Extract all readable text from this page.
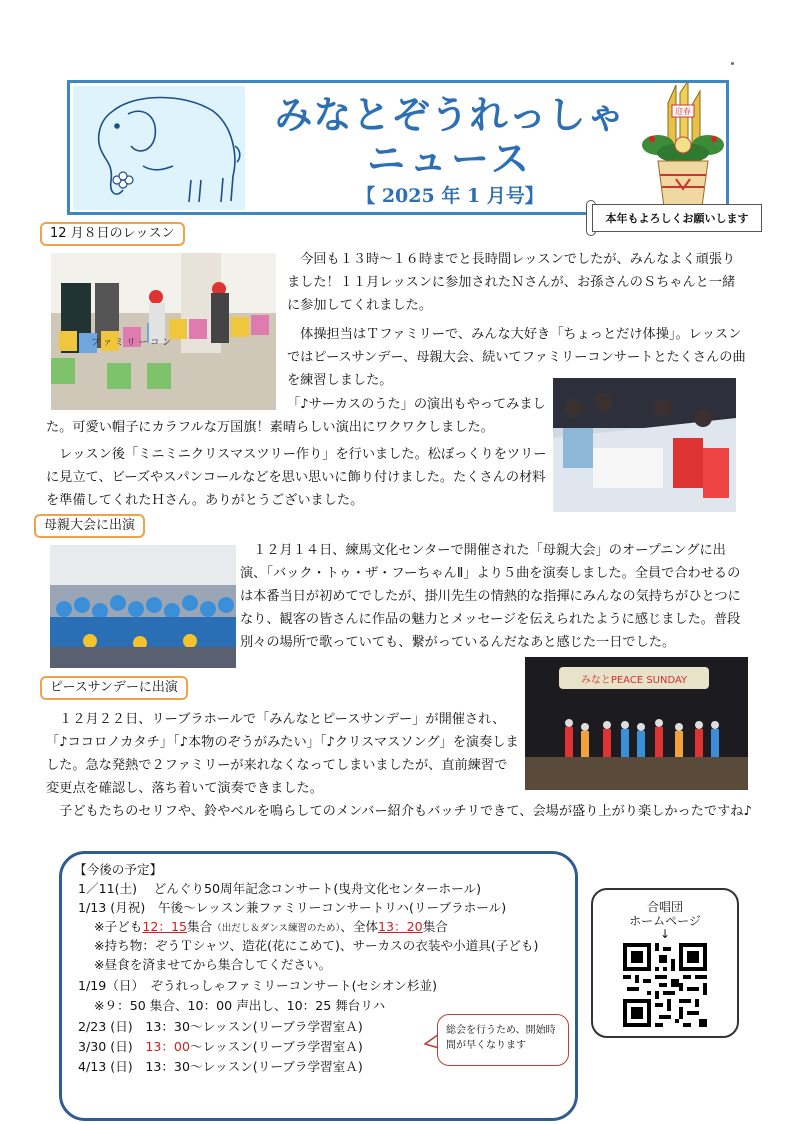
みなとぞうれっしゃ
ニュース
【 2025 年 1 月号】
迎春
本年もよろしくお願いします
12 月８日のレッスン
フ ァ ミ リ ー コ ン
　今回も１３時～１６時までと長時間レッスンでしたが、みんなよく頑張りました！１１月レッスンに参加されたＮさんが、お孫さんのＳちゃんと一緒に参加してくれました。
　体操担当はＴファミリーで、みんな大好き「ちょっとだけ体操」。レッスンではピースサンデー、母親大会、続いてファミリーコンサートとたくさんの曲を練習しました。
「♪サーカスのうた」の演出もやってみました。可愛い帽子にカラフルな万国旗！素晴らしい演出にワクワクしました。
　レッスン後「ミニミニクリスマスツリー作り」を行いました。松ぼっくりをツリーに見立て、ビーズやスパンコールなどを思い思いに飾り付けました。たくさんの材料を準備してくれたＨさん。ありがとうございました。
母親大会に出演
　１２月１４日、練馬文化センターで開催された「母親大会」のオープニングに出演、「バック・トゥ・ザ・フーちゃんⅡ」より５曲を演奏しました。全員で合わせるのは本番当日が初めてでしたが、掛川先生の情熱的な指揮にみんなの気持ちがひとつになり、観客の皆さんに作品の魅力とメッセージを伝えられたように感じました。普段別々の場所で歌っていても、繋がっているんだなあと感じた一日でした。
ピースサンデーに出演	みなとPEACE SUNDAY
　１２月２２日、リーブラホールで「みんなとピースサンデー」が開催され、「♪ココロノカタチ」「♪本物のぞうがみたい」「♪クリスマスソング」を演奏しました。急な発熱で２ファミリーが来れなくなってしまいましたが、直前練習で変更点を確認し、落ち着いて演奏できました。
　子どもたちのセリフや、鈴やベルを鳴らしてのメンバー紹介もバッチリできて、会場が盛り上がり楽しかったですね♪
【今後の予定】
1／11(土)　 どんぐり50周年記念コンサート(曳舟文化センターホール)
1/13 (月祝)　午後～レッスン兼ファミリーコンサートリハ(リーブラホール)
※子ども12：15集合（出だし＆ダンス練習のため）、全体13：20集合
※持ち物：ぞうＴシャツ、造花(花にこめて)、サーカスの衣装や小道具(子ども)
※昼食を済ませてから集合してください。
1/19（日）　ぞうれっしゃファミリーコンサート(セシオン杉並)
※９：50 集合、10：00 声出し、10：25 舞台リハ
2/23 (日)　13：30～レッスン(リーブラ学習室Ａ)
3/30 (日)　13：00～レッスン(リーブラ学習室Ａ)
4/13 (日)　13：30～レッスン(リーブラ学習室Ａ)
総会を行うため、開始時間が早くなります
合唱団
ホームページ
↓
